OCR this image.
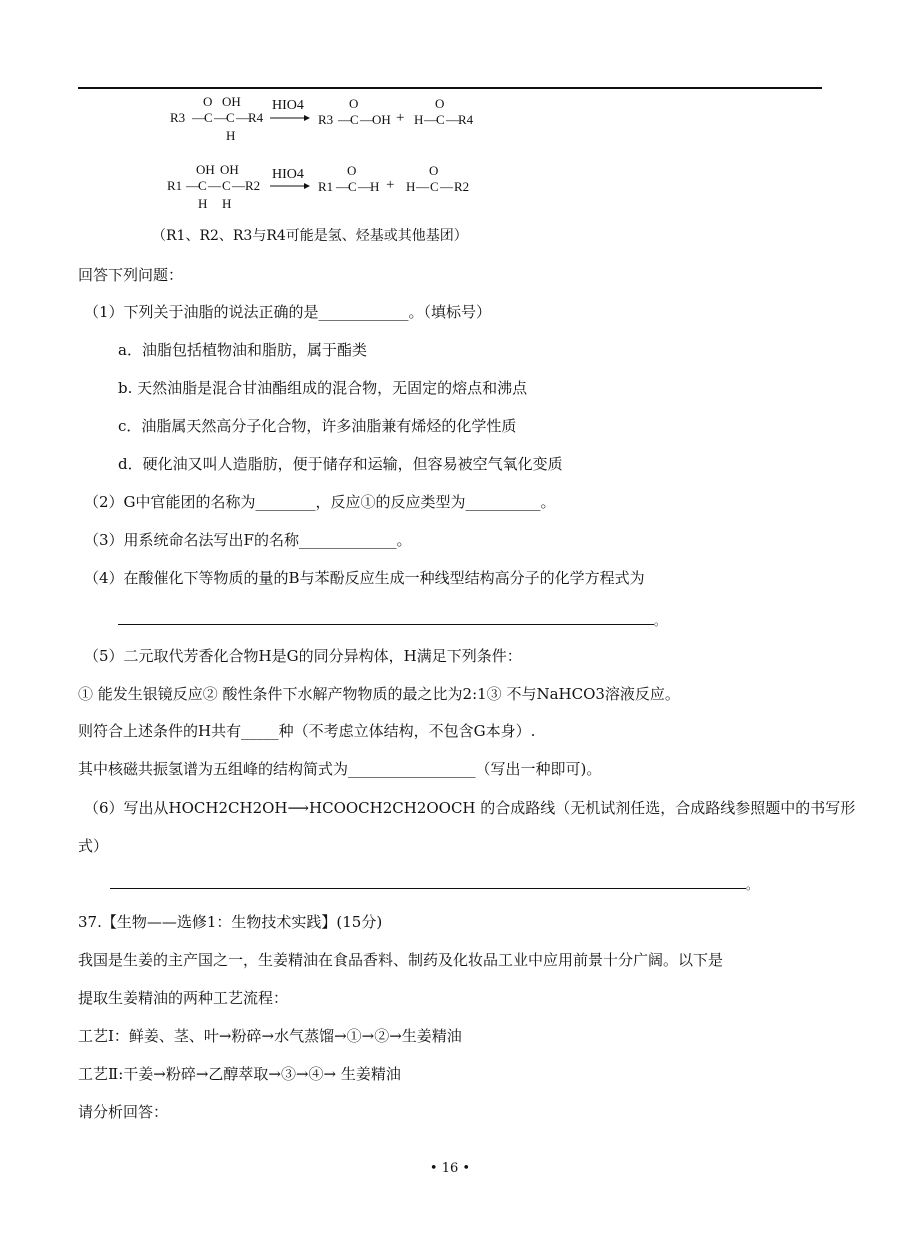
R3 — C
O
— C
OH
H
— R4
HIO4
→ R3 — C
O
— OH + H — C
O
— R4
R1 — C
OH
H
— C
OH
H
— R2
HIO4
→ R1 — C
O
— H + H — C
O
— R2
（R1、R2、R3与R4可能是氢、烃基或其他基团）
回答下列问题：
（1）下列关于油脂的说法正确的是____________。（填标号）
a．油脂包括植物油和脂肪，属于酯类
b. 天然油脂是混合甘油酯组成的混合物，无固定的熔点和沸点
c．油脂属天然高分子化合物，许多油脂兼有烯烃的化学性质
d．硬化油又叫人造脂肪，便于储存和运输，但容易被空气氧化变质
（2）G中官能团的名称为________，反应①的反应类型为__________。
（3）用系统命名法写出F的名称_____________。
（4）在酸催化下等物质的量的B与苯酚反应生成一种线型结构高分子的化学方程式为
。
（5）二元取代芳香化合物H是G的同分异构体，H满足下列条件：
① 能发生银镜反应② 酸性条件下水解产物物质的最之比为2:1③ 不与NaHCO3溶液反应。
则符合上述条件的H共有_____种（不考虑立体结构，不包含G本身）.
其中核磁共振氢谱为五组峰的结构简式为_________________（写出一种即可)。
（6）写出从HOCH2CH2OH⟶HCOOCH2CH2OOCH 的合成路线（无机试剂任选，合成路线参照题中的书写形
式）
。
37.【生物——选修1：生物技术实践】(15分)
我国是生姜的主产国之一，生姜精油在食品香料、制药及化妆品工业中应用前景十分广阔。以下是
提取生姜精油的两种工艺流程：
工艺Ⅰ：鲜姜、茎、叶→粉碎→水气蒸馏→①→②→生姜精油
工艺Ⅱ:干姜→粉碎→乙醇萃取→③→④→ 生姜精油
请分析回答：
• 16 •
